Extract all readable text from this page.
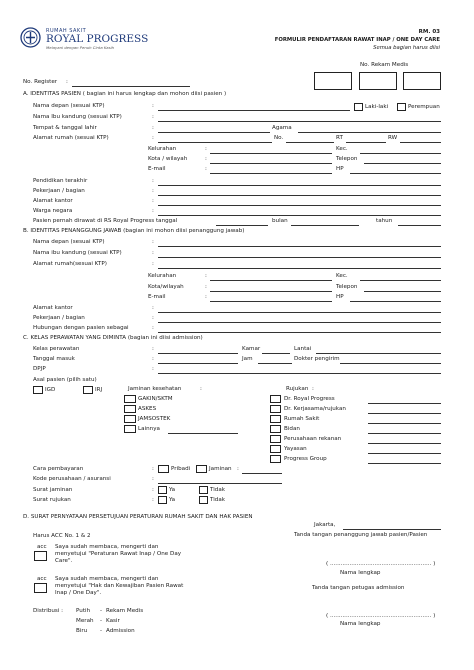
RUMAH SAKIT
ROYAL PROGRESS
Melayani dengan Penuh Cinta Kasih
RM. 03
FORMULIR PENDAFTARAN RAWAT INAP / ONE DAY CARE
Semua bagian harus diisi
No. Rekam Medis
No. Register :
A. IDENTITAS PASIEN ( bagian ini harus lengkap dan mohon diisi pasien )
Nama depan (sesuai KTP)	:	Laki-laki	Perempuan
Nama Ibu kandung (sesuai KTP)	:
Tempat & tanggal lahir	:	Agama
Alamat rumah (sesuai KTP)	:	No.	RT	RW
Kelurahan	:	Kec.
Kota / wilayah	:	Telepon
E-mail	:	HP
Pendidikan terakhir	:
Pekerjaan / bagian	:
Alamat kantor	:
Warga negara	:
Pasien pernah dirawat di RS Royal Progress tanggal	bulan	tahun
B. IDENTITAS PENANGGUNG JAWAB (bagian ini mohon diisi penanggung jawab)
Nama depan (sesuai KTP)	:
Nama ibu kandung (sesuai KTP)	:
Alamat rumah(sesuai KTP)	:
Kelurahan	:	Kec.
Kota/wilayah	:	Telepon
E-mail	:	HP
Alamat kantor	:
Pekerjaan / bagian	:
Hubungan dengan pasien sebagai	:
C. KELAS PERAWATAN YANG DIMINTA (bagian ini diisi admission)
Kelas perawatan	:	Kamar	Lantai
Tanggal masuk	:	Jam	Dokter pengirim
DPJP	:
Asal pasien (pilih satu)
IGD	IRJ	Jaminan kesehatan	:
GAKIN/SKTM
ASKES
JAMSOSTEK
Lainnya
Rujukan :
Dr. Royal Progress
Dr. Kerjasama/rujukan
Rumah Sakit
Bidan
Perusahaan rekanan
Yayasan
Progress Group
Cara pembayaran	:	Pribadi	Jaminan :
Kode perusahaan / asuransi	:
Surat jaminan	:	Ya	Tidak
Surat rujukan	:	Ya	Tidak
D. SURAT PERNYATAAN PERSETUJUAN PERATURAN RUMAH SAKIT DAN HAK PASIEN
Jakarta,
Tanda tangan penanggung jawab pasien/Pasien
Harus ACC No. 1 & 2
acc Saya sudah membaca, mengerti dan
menyetujui "Peraturan Rawat Inap / One Day
Care".	( ......................................................... )
Nama lengkap
acc Saya sudah membaca, mengerti dan
menyetujui "Hak dan Kewajiban Pasien Rawat
Inap / One Day".
Tanda tangan petugas admission
Distribusi : Putih - Rekam Medis
Merah - Kasir
Biru - Admission
( ......................................................... )
Nama lengkap
